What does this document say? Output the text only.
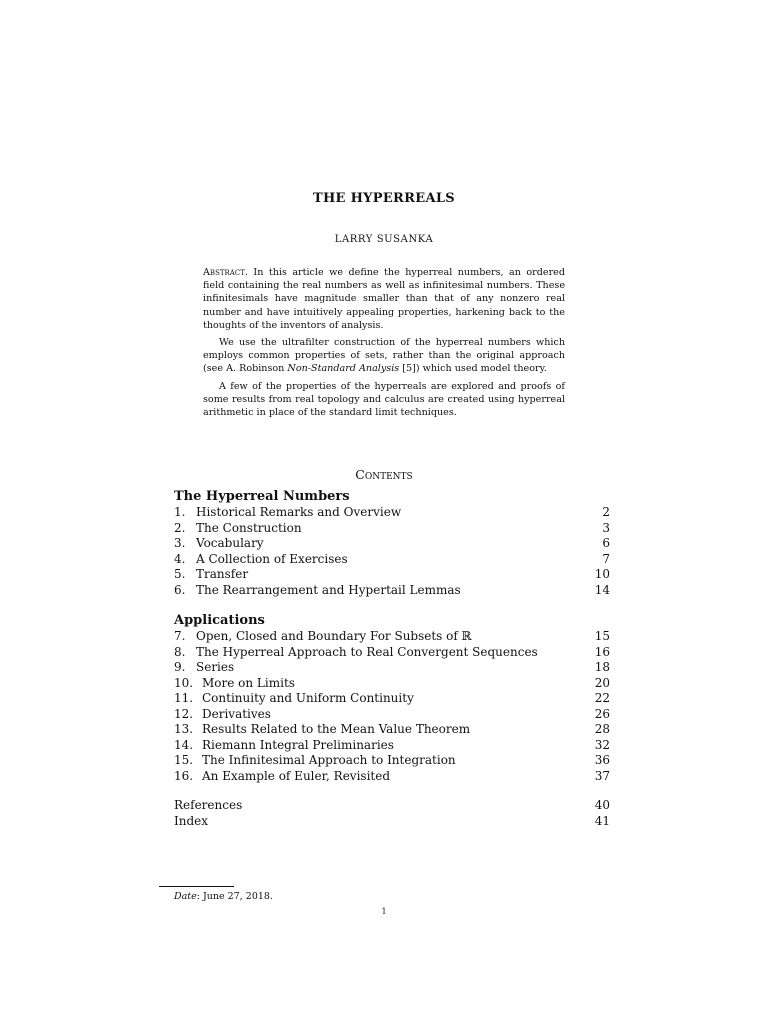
THE HYPERREALS
LARRY SUSANKA

Abstract. In this article we define the hyperreal numbers, an ordered field containing the real numbers as well as infinitesimal numbers. These infinitesimals have magnitude smaller than that of any nonzero real number and have intuitively appealing properties, harkening back to the thoughts of the inventors of analysis.

We use the ultrafilter construction of the hyperreal numbers which employs common properties of sets, rather than the original approach (see A. Robinson Non-Standard Analysis [5]) which used model theory.

A few of the properties of the hyperreals are explored and proofs of some results from real topology and calculus are created using hyperreal arithmetic in place of the standard limit techniques.

Contents
The Hyperreal Numbers
1. Historical Remarks and Overview	2
2. The Construction	3
3. Vocabulary	6
4. A Collection of Exercises	7
5. Transfer	10
6. The Rearrangement and Hypertail Lemmas	14
Applications
7. Open, Closed and Boundary For Subsets of ℝ	15
8. The Hyperreal Approach to Real Convergent Sequences	16
9. Series	18
10. More on Limits	20
11. Continuity and Uniform Continuity	22
12. Derivatives	26
13. Results Related to the Mean Value Theorem	28
14. Riemann Integral Preliminaries	32
15. The Infinitesimal Approach to Integration	36
16. An Example of Euler, Revisited	37
References	40
Index	41
Date: June 27, 2018.
1
